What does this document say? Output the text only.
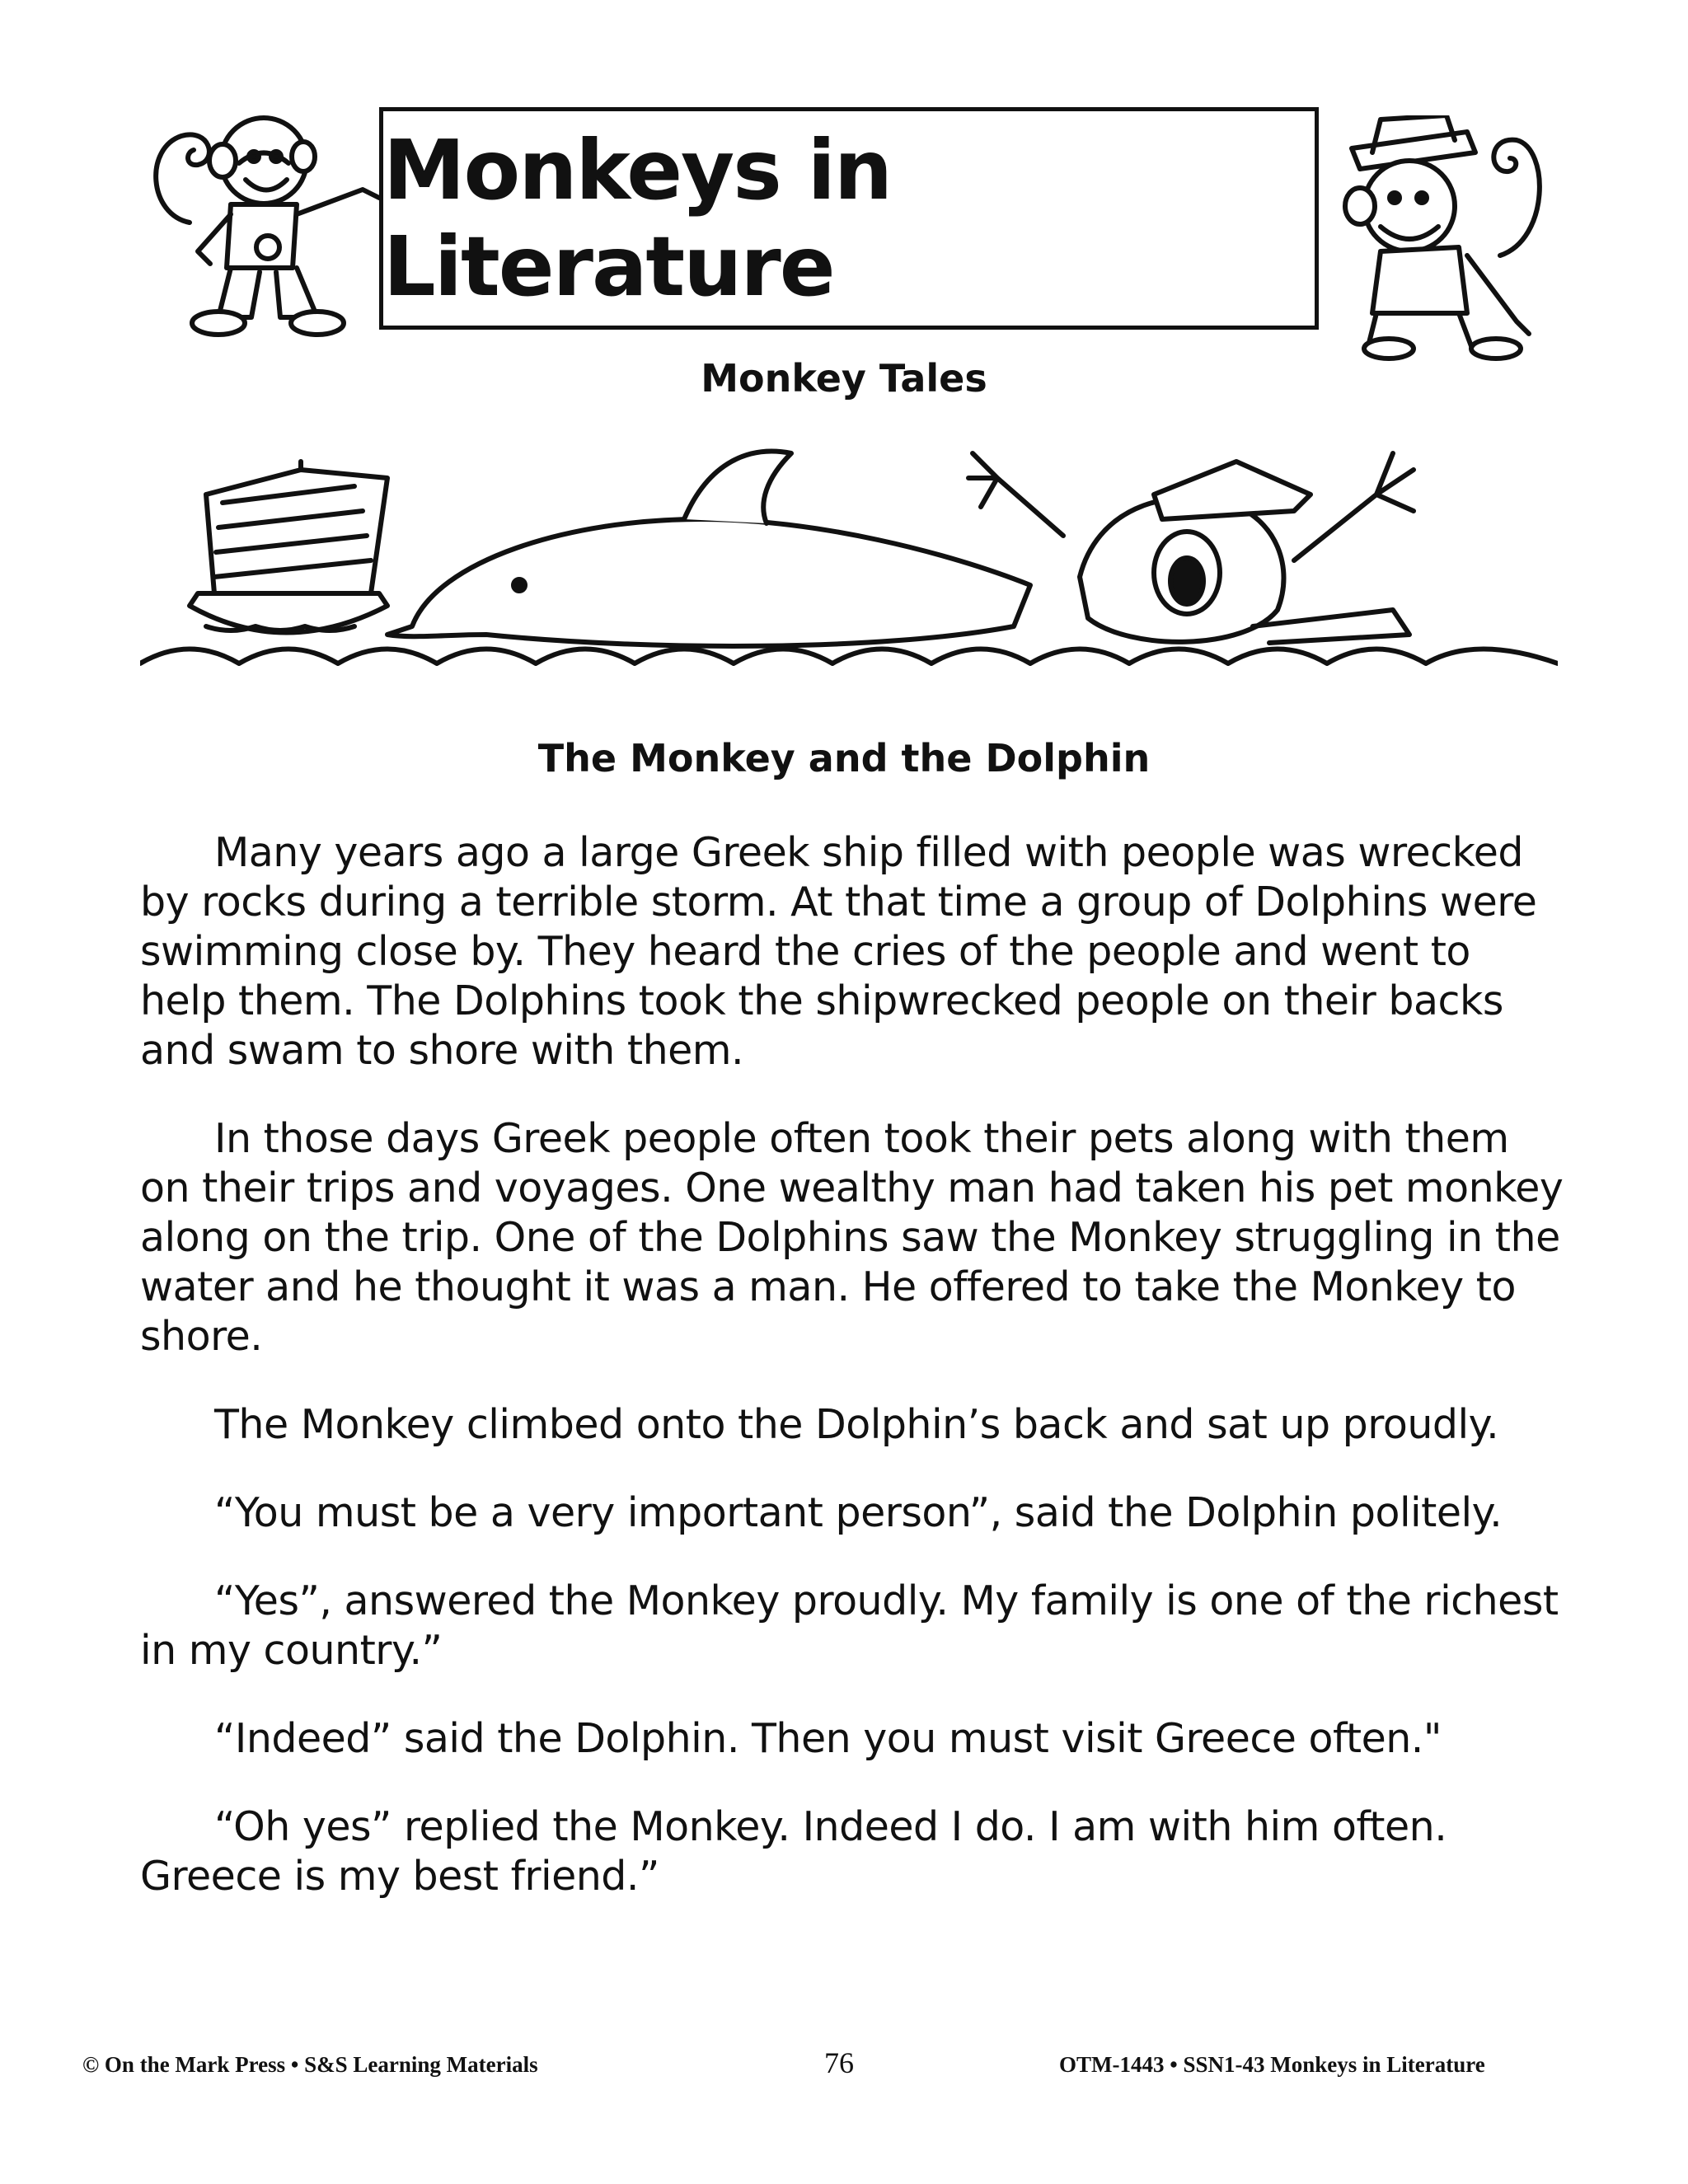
Monkeys in Literature
Monkey Tales
The Monkey and the Dolphin

Many years ago a large Greek ship filled with people was wrecked by rocks during a terrible storm. At that time a group of Dolphins were swimming close by. They heard the cries of the people and went to help them. The Dolphins took the shipwrecked people on their backs and swam to shore with them.

In those days Greek people often took their pets along with them on their trips and voyages. One wealthy man had taken his pet monkey along on the trip. One of the Dolphins saw the Monkey struggling in the water and he thought it was a man. He offered to take the Monkey to shore.

The Monkey climbed onto the Dolphin’s back and sat up proudly.

“You must be a very important person”, said the Dolphin politely.

“Yes”, answered the Monkey proudly. My family is one of the richest in my country.”

“Indeed” said the Dolphin. Then you must visit Greece often."

“Oh yes” replied the Monkey. Indeed I do. I am with him often. Greece is my best friend.”

© On the Mark Press • S&S Learning Materials	76	OTM-1443 • SSN1-43 Monkeys in Literature
